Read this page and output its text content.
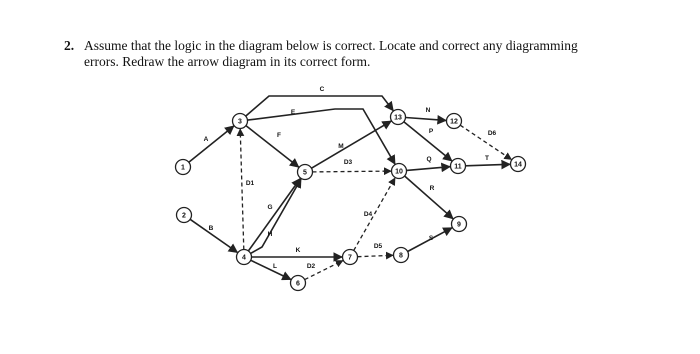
2. Assume that the logic in the diagram below is correct. Locate and correct any diagramming
errors. Redraw the arrow diagram in its correct form.
1
2
3
4
5
6
7	8
9
10
11
12
13
14
A
B
C
E
F
D1
G
H
K
L	D2
M
D3
D4
D5
N
P
Q
R
S
T
D6
